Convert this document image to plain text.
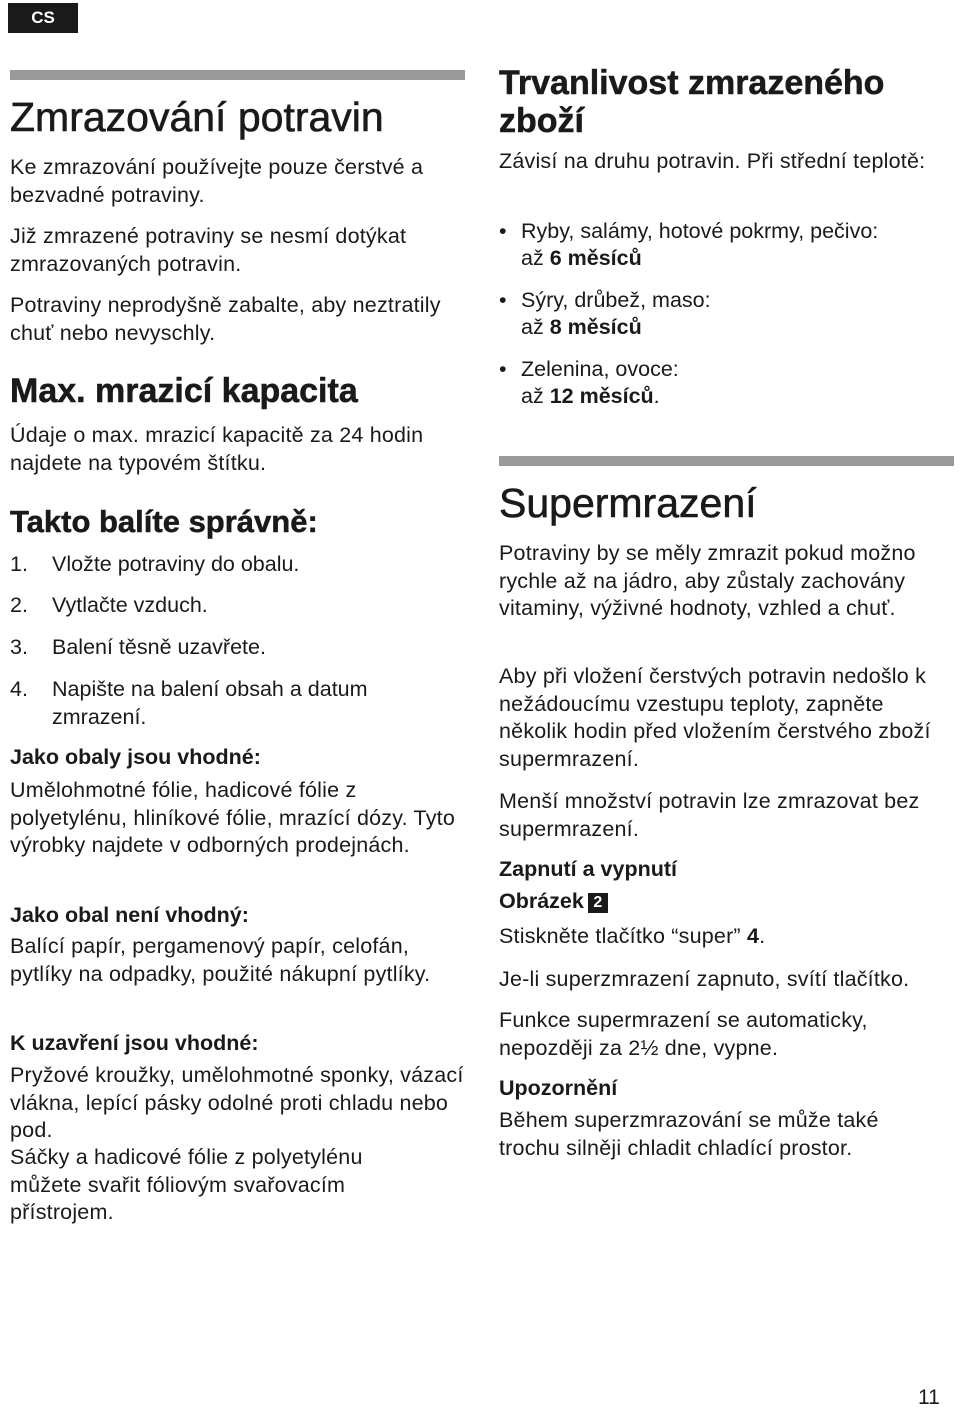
CS
Zmrazování potravin

Ke zmrazování používejte pouze čerstvé a bezvadné potraviny.

Již zmrazené potraviny se nesmí dotýkat zmrazovaných potravin.

Potraviny neprodyšně zabalte, aby neztratily chuť nebo nevyschly.

Max. mrazicí kapacita

Údaje o max. mrazicí kapacitě za 24 hodin najdete na typovém štítku.

Takto balíte správně:
1.	Vložte potraviny do obalu.
2.	Vytlačte vzduch.
3.	Balení těsně uzavřete.
4.	Napište na balení obsah a datum zmrazení.
Jako obaly jsou vhodné:

Umělohmotné fólie, hadicové fólie z polyetylénu, hliníkové fólie, mrazící dózy. Tyto výrobky najdete v odborných prodejnách.

Jako obal není vhodný:

Balící papír, pergamenový papír, celofán, pytlíky na odpadky, použité nákupní pytlíky.

K uzavření jsou vhodné:

Pryžové kroužky, umělohmotné sponky, vázací vlákna, lepící pásky odolné proti chladu nebo pod.

Sáčky a hadicové fólie z polyetylénu můžete svařit fóliovým svařovacím přístrojem.

Trvanlivost zmrazeného zboží

Závisí na druhu potravin. Při střední teplotě:

• Ryby, salámy, hotové pokrmy, pečivo:
až 6 měsíců
• Sýry, drůbež, maso:
až 8 měsíců
• Zelenina, ovoce:
až 12 měsíců.
Supermrazení

Potraviny by se měly zmrazit pokud možno rychle až na jádro, aby zůstaly zachovány vitaminy, výživné hodnoty, vzhled a chuť.

Aby při vložení čerstvých potravin nedošlo k nežádoucímu vzestupu teploty, zapněte několik hodin před vložením čerstvého zboží supermrazení.

Menší množství potravin lze zmrazovat bez supermrazení.

Zapnutí a vypnutí
Obrázek 2

Stiskněte tlačítko “super” 4.

Je-li superzmrazení zapnuto, svítí tlačítko.

Funkce supermrazení se automaticky, nepozději za 2½ dne, vypne.

Upozornění

Během superzmrazování se může také trochu silněji chladit chladící prostor.

11
